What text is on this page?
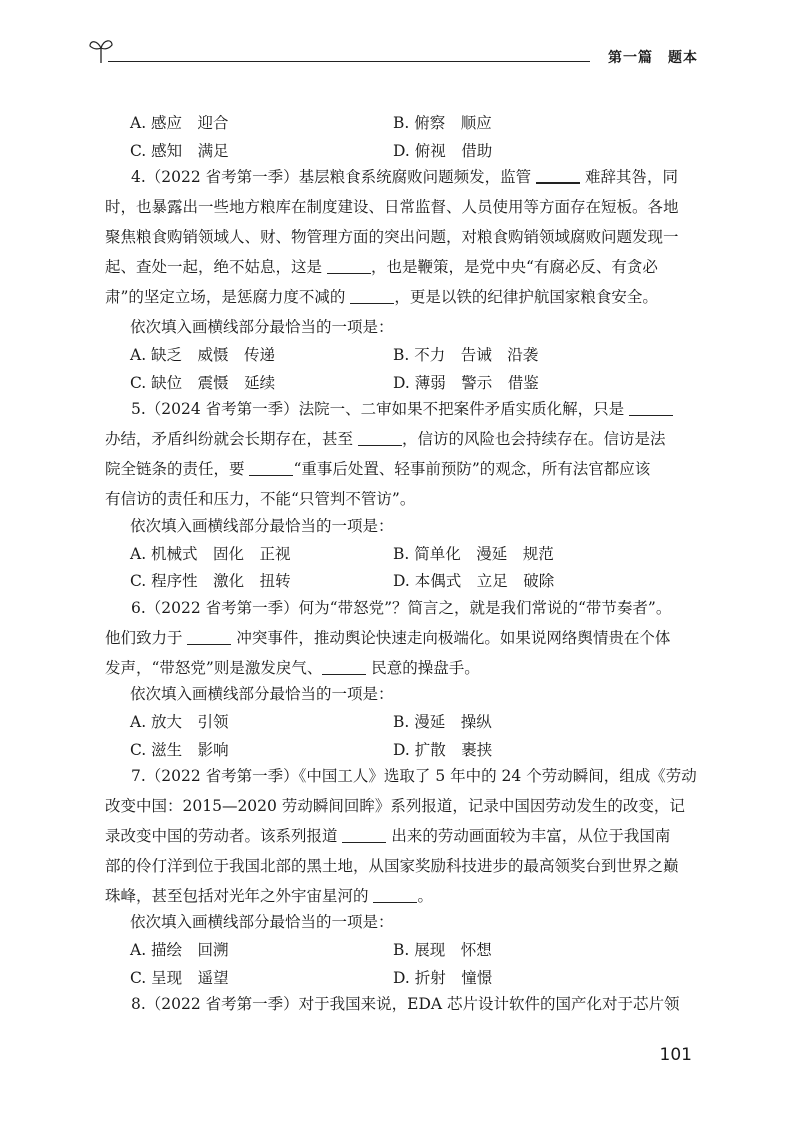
第一篇　题本
A. 感应　迎合	B. 俯察　顺应
C. 感知　满足	D. 俯视　借助
4.（2022 省考第一季）基层粮食系统腐败问题频发，监管	难辞其咎，同
时，也暴露出一些地方粮库在制度建设、日常监督、人员使用等方面存在短板。各地
聚焦粮食购销领域人、财、物管理方面的突出问题，对粮食购销领域腐败问题发现一
起、查处一起，绝不姑息，这是	，也是鞭策，是党中央“有腐必反、有贪必
肃”的坚定立场，是惩腐力度不减的	，更是以铁的纪律护航国家粮食安全。
依次填入画横线部分最恰当的一项是：
A. 缺乏　威慑　传递	B. 不力　告诫　沿袭
C. 缺位　震慑　延续	D. 薄弱　警示　借鉴
5.（2024 省考第一季）法院一、二审如果不把案件矛盾实质化解，只是
办结，矛盾纠纷就会长期存在，甚至	，信访的风险也会持续存在。信访是法
院全链条的责任，要	“重事后处置、轻事前预防”的观念，所有法官都应该
有信访的责任和压力，不能“只管判不管访”。
依次填入画横线部分最恰当的一项是：
A. 机械式　固化　正视	B. 简单化　漫延　规范
C. 程序性　激化　扭转	D. 本偶式　立足　破除
6.（2022 省考第一季）何为“带怒党”？简言之，就是我们常说的“带节奏者”。
他们致力于	冲突事件，推动舆论快速走向极端化。如果说网络舆情贵在个体
发声，“带怒党”则是激发戾气、	民意的操盘手。
依次填入画横线部分最恰当的一项是：
A. 放大　引领	B. 漫延　操纵
C. 滋生　影响	D. 扩散　裹挟
7.（2022 省考第一季）《中国工人》选取了 5 年中的 24 个劳动瞬间，组成《劳动
改变中国：2015—2020 劳动瞬间回眸》系列报道，记录中国因劳动发生的改变，记
录改变中国的劳动者。该系列报道	出来的劳动画面较为丰富，从位于我国南
部的伶仃洋到位于我国北部的黑土地，从国家奖励科技进步的最高领奖台到世界之巅
珠峰，甚至包括对光年之外宇宙星河的	。
依次填入画横线部分最恰当的一项是：
A. 描绘　回溯	B. 展现　怀想
C. 呈现　遥望	D. 折射　憧憬
8.（2022 省考第一季）对于我国来说，EDA 芯片设计软件的国产化对于芯片领
101
